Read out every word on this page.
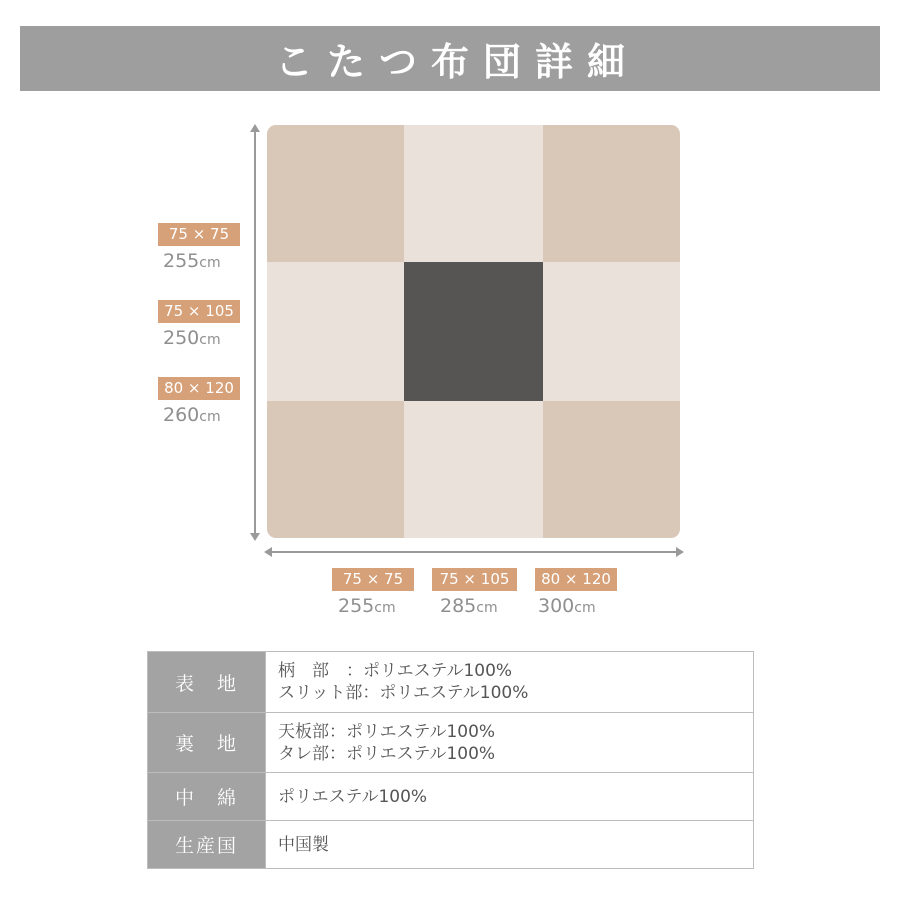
こたつ布団詳細
75 × 75
255cm
75 × 105
250cm
80 × 120
260cm
75 × 75
255cm
75 × 105
285cm
80 × 120
300cm
表　地	柄　部　：ポリエステル100%
スリット部：ポリエステル100%

裏　地	天板部：ポリエステル100%
タレ部：ポリエステル100%

中　綿	ポリエステル100%

生産国	中国製
